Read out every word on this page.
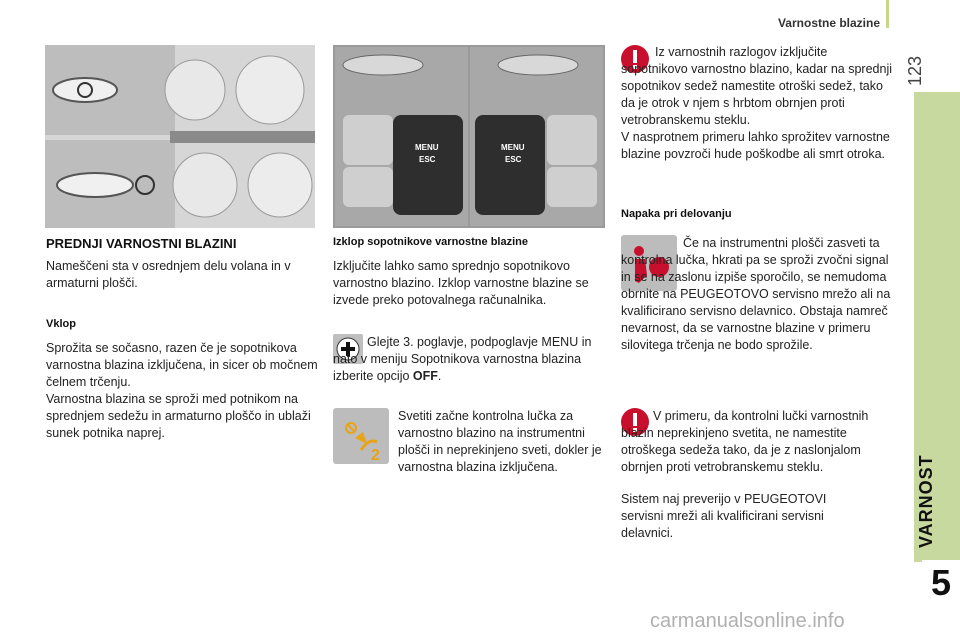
Varnostne blazine
123
VARNOST
5
MENU
ESC
MENU
ESC
PREDNJI VARNOSTNI BLAZINI
Nameščeni sta v osrednjem delu volana in v armaturni plošči.
Vklop
Sprožita se sočasno, razen če je sopotnikova varnostna blazina izključena, in sicer ob močnem čelnem trčenju.
Varnostna blazina se sproži med potnikom na sprednjem sedežu in armaturno ploščo in ublaži sunek potnika naprej.
Izklop sopotnikove varnostne blazine
Izključite lahko samo sprednjo sopotnikovo varnostno blazino. Izklop varnostne blazine se izvede preko potovalnega računalnika.
Glejte 3. poglavje, podpoglavje MENU in nato v meniju Sopotnikova varnostna blazina izberite opcijo OFF.
2
Svetiti začne kontrolna lučka za varnostno blazino na instrumentni plošči in neprekinjeno sveti, dokler je varnostna blazina izključena.
Iz varnostnih razlogov izključite sopotnikovo varnostno blazino, kadar na sprednji sopotnikov sedež namestite otroški sedež, tako da je otrok v njem s hrbtom obrnjen proti vetrobranskemu steklu.
V nasprotnem primeru lahko sprožitev varnostne blazine povzroči hude poškodbe ali smrt otroka.
Napaka pri delovanju
Če na instrumentni plošči zasveti ta kontrolna lučka, hkrati pa se sproži zvočni signal in se na zaslonu izpiše sporočilo, se nemudoma obrnite na PEUGEOTOVO servisno mrežo ali na kvalificirano servisno delavnico. Obstaja namreč nevarnost, da se varnostne blazine v primeru silovitega trčenja ne bodo sprožile.
V primeru, da kontrolni lučki varnostnih blazin neprekinjeno svetita, ne namestite otroškega sedeža tako, da je z naslonjalom obrnjen proti vetrobranskemu steklu.
Sistem naj preverijo v PEUGEOTOVI servisni mreži ali kvalificirani servisni delavnici.
carmanualsonline.info
